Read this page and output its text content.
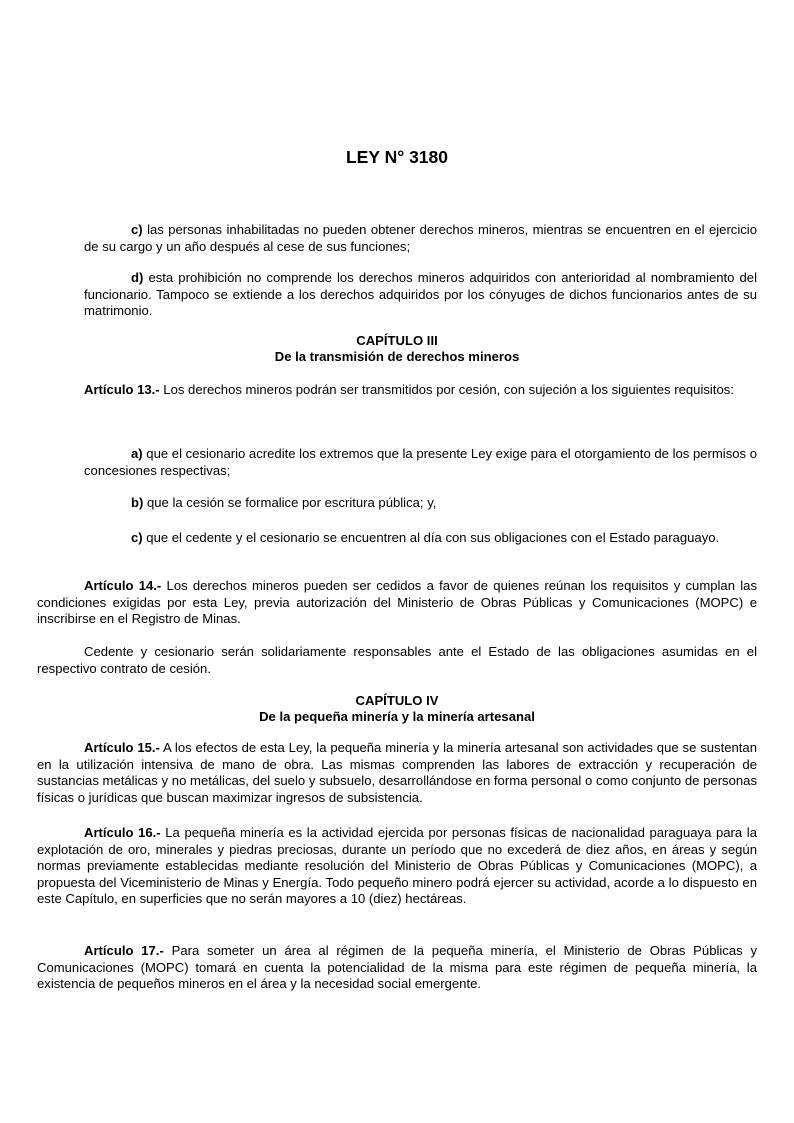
LEY N° 3180

c) las personas inhabilitadas no pueden obtener derechos mineros, mientras se encuentren en el ejercicio de su cargo y un año después al cese de sus funciones;

d) esta prohibición no comprende los derechos mineros adquiridos con anterioridad al nombramiento del funcionario. Tampoco se extiende a los derechos adquiridos por los cónyuges de dichos funcionarios antes de su matrimonio.

CAPÍTULO III
De la transmisión de derechos mineros

Artículo 13.- Los derechos mineros podrán ser transmitidos por cesión, con sujeción a los siguientes requisitos:

a) que el cesionario acredite los extremos que la presente Ley exige para el otorgamiento de los permisos o concesiones respectivas;

b) que la cesión se formalice por escritura pública; y,

c) que el cedente y el cesionario se encuentren al día con sus obligaciones con el Estado paraguayo.

Artículo 14.- Los derechos mineros pueden ser cedidos a favor de quienes reúnan los requisitos y cumplan las condiciones exigidas por esta Ley, previa autorización del Ministerio de Obras Públicas y Comunicaciones (MOPC) e inscribirse en el Registro de Minas.

Cedente y cesionario serán solidariamente responsables ante el Estado de las obligaciones asumidas en el respectivo contrato de cesión.

CAPÍTULO IV
De la pequeña minería y la minería artesanal

Artículo 15.- A los efectos de esta Ley, la pequeña minería y la minería artesanal son actividades que se sustentan en la utilización intensiva de mano de obra. Las mismas comprenden las labores de extracción y recuperación de sustancias metálicas y no metálicas, del suelo y subsuelo, desarrollándose en forma personal o como conjunto de personas físicas o jurídicas que buscan maximizar ingresos de subsistencia.

Artículo 16.- La pequeña minería es la actividad ejercida por personas físicas de nacionalidad paraguaya para la explotación de oro, minerales y piedras preciosas, durante un período que no excederá de diez años, en áreas y según normas previamente establecidas mediante resolución del Ministerio de Obras Públicas y Comunicaciones (MOPC), a propuesta del Viceministerio de Minas y Energía. Todo pequeño minero podrá ejercer su actividad, acorde a lo dispuesto en este Capítulo, en superficies que no serán mayores a 10 (diez) hectáreas.

Artículo 17.- Para someter un área al régimen de la pequeña minería, el Ministerio de Obras Públicas y Comunicaciones (MOPC) tomará en cuenta la potencialidad de la misma para este régimen de pequeña minería, la existencia de pequeños mineros en el área y la necesidad social emergente.
